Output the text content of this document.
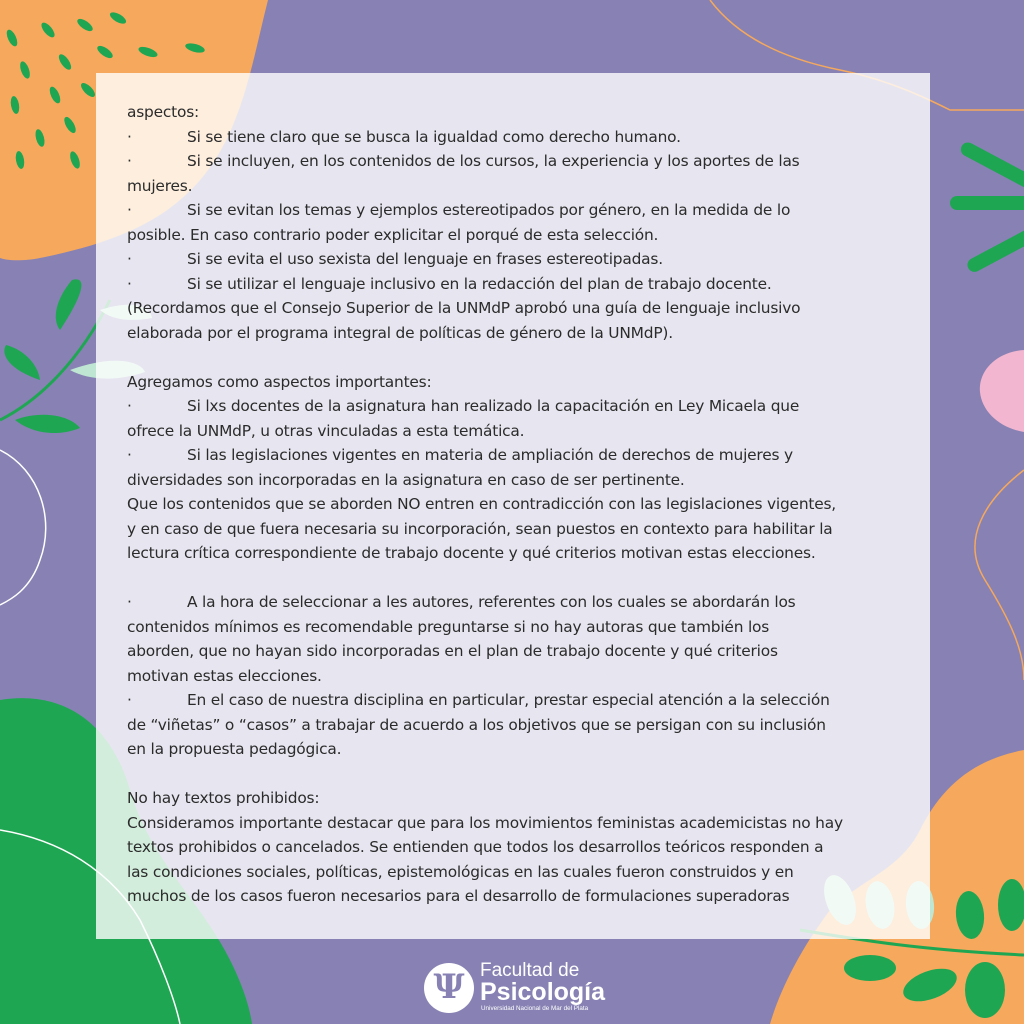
aspectos:

·	Si se tiene claro que se busca la igualdad como derecho humano.

·	Si se incluyen, en los contenidos de los cursos, la experiencia y los aportes de las

mujeres.

·	Si se evitan los temas y ejemplos estereotipados por género, en la medida de lo

posible. En caso contrario poder explicitar el porqué de esta selección.

·	Si se evita el uso sexista del lenguaje en frases estereotipadas.

·	Si se utilizar el lenguaje inclusivo en la redacción del plan de trabajo docente.

(Recordamos que el Consejo Superior de la UNMdP aprobó una guía de lenguaje inclusivo

elaborada por el programa integral de políticas de género de la UNMdP).

Agregamos como aspectos importantes:

·	Si lxs docentes de la asignatura han realizado la capacitación en Ley Micaela que

ofrece la UNMdP, u otras vinculadas a esta temática.

·	Si las legislaciones vigentes en materia de ampliación de derechos de mujeres y

diversidades son incorporadas en la asignatura en caso de ser pertinente.

Que los contenidos que se aborden NO entren en contradicción con las legislaciones vigentes,

y en caso de que fuera necesaria su incorporación, sean puestos en contexto para habilitar la

lectura crítica correspondiente de trabajo docente y qué criterios motivan estas elecciones.

·	A la hora de seleccionar a les autores, referentes con los cuales se abordarán los

contenidos mínimos es recomendable preguntarse si no hay autoras que también los

aborden, que no hayan sido incorporadas en el plan de trabajo docente y qué criterios

motivan estas elecciones.

·	En el caso de nuestra disciplina en particular, prestar especial atención a la selección

de “viñetas” o “casos” a trabajar de acuerdo a los objetivos que se persigan con su inclusión

en la propuesta pedagógica.

No hay textos prohibidos:

Consideramos importante destacar que para los movimientos feministas academicistas no hay

textos prohibidos o cancelados. Se entienden que todos los desarrollos teóricos responden a

las condiciones sociales, políticas, epistemológicas en las cuales fueron construidos y en

muchos de los casos fueron necesarios para el desarrollo de formulaciones superadoras

Ψ Facultad de
Psicología
Universidad Nacional de Mar del Plata
